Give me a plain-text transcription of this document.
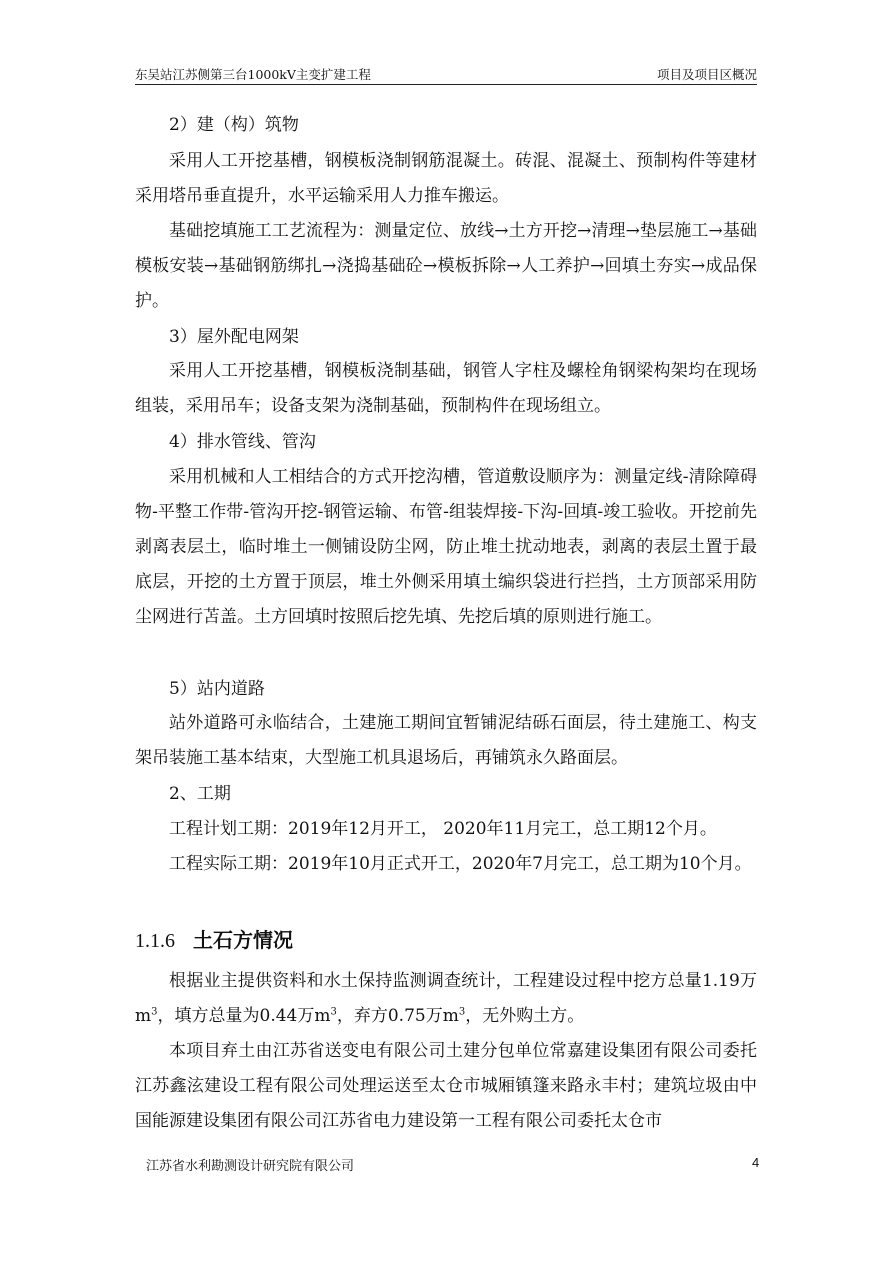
东吴站江苏侧第三台1000kV主变扩建工程	项目及项目区概况

2）建（构）筑物

采用人工开挖基槽，钢模板浇制钢筋混凝土。砖混、混凝土、预制构件等建材采用塔吊垂直提升，水平运输采用人力推车搬运。

基础挖填施工工艺流程为：测量定位、放线→土方开挖→清理→垫层施工→基础模板安装→基础钢筋绑扎→浇捣基础砼→模板拆除→人工养护→回填土夯实→成品保护。

3）屋外配电网架

采用人工开挖基槽，钢模板浇制基础，钢管人字柱及螺栓角钢梁构架均在现场组装，采用吊车；设备支架为浇制基础，预制构件在现场组立。

4）排水管线、管沟

采用机械和人工相结合的方式开挖沟槽，管道敷设顺序为：测量定线-清除障碍物-平整工作带-管沟开挖-钢管运输、布管-组装焊接-下沟-回填-竣工验收。开挖前先剥离表层土，临时堆土一侧铺设防尘网，防止堆土扰动地表，剥离的表层土置于最底层，开挖的土方置于顶层，堆土外侧采用填土编织袋进行拦挡，土方顶部采用防尘网进行苫盖。土方回填时按照后挖先填、先挖后填的原则进行施工。

5）站内道路

站外道路可永临结合，土建施工期间宜暂铺泥结砾石面层，待土建施工、构支架吊装施工基本结束，大型施工机具退场后，再铺筑永久路面层。

2、工期

工程计划工期：2019年12月开工， 2020年11月完工，总工期12个月。

工程实际工期：2019年10月正式开工，2020年7月完工，总工期为10个月。

1.1.6 土石方情况

根据业主提供资料和水土保持监测调查统计，工程建设过程中挖方总量1.19万$m^3$，填方总量为0.44万$m^3$，弃方0.75万$m^3$，无外购土方。

本项目弃土由江苏省送变电有限公司土建分包单位常嘉建设集团有限公司委托江苏鑫泫建设工程有限公司处理运送至太仓市城厢镇篷来路永丰村；建筑垃圾由中国能源建设集团有限公司江苏省电力建设第一工程有限公司委托太仓市

江苏省水利勘测设计研究院有限公司	4
